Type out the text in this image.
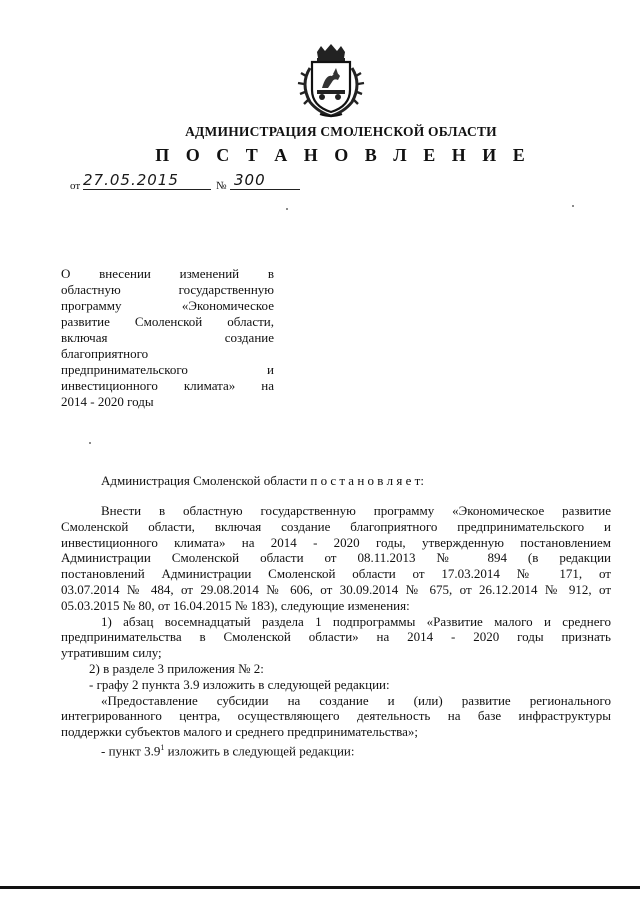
АДМИНИСТРАЦИЯ СМОЛЕНСКОЙ ОБЛАСТИ
П О С Т А Н О В Л Е Н И Е
от 27.05.2015	№ 300
О внесении изменений в
областную государственную
программу «Экономическое
развитие Смоленской области,
включая создание
благоприятного
предпринимательского и
инвестиционного климата» на
2014 - 2020 годы
Администрация Смоленской области п о с т а н о в л я е т:
Внести в областную государственную программу «Экономическое развитие
Смоленской области, включая создание благоприятного предпринимательского и
инвестиционного климата» на 2014 - 2020 годы, утвержденную постановлением
Администрации Смоленской области от 08.11.2013 № 894 (в редакции
постановлений Администрации Смоленской области от 17.03.2014 № 171, от
03.07.2014 № 484, от 29.08.2014 № 606, от 30.09.2014 № 675, от 26.12.2014 № 912, от
05.03.2015 № 80, от 16.04.2015 № 183), следующие изменения:
1) абзац восемнадцатый раздела 1 подпрограммы «Развитие малого и среднего
предпринимательства в Смоленской области» на 2014 - 2020 годы признать
утратившим силу;
2) в разделе 3 приложения № 2:
- графу 2 пункта 3.9 изложить в следующей редакции:
«Предоставление субсидии на создание и (или) развитие регионального
интегрированного центра, осуществляющего деятельность на базе инфраструктуры
поддержки субъектов малого и среднего предпринимательства»;
- пункт $3.9^1$ изложить в следующей редакции:
